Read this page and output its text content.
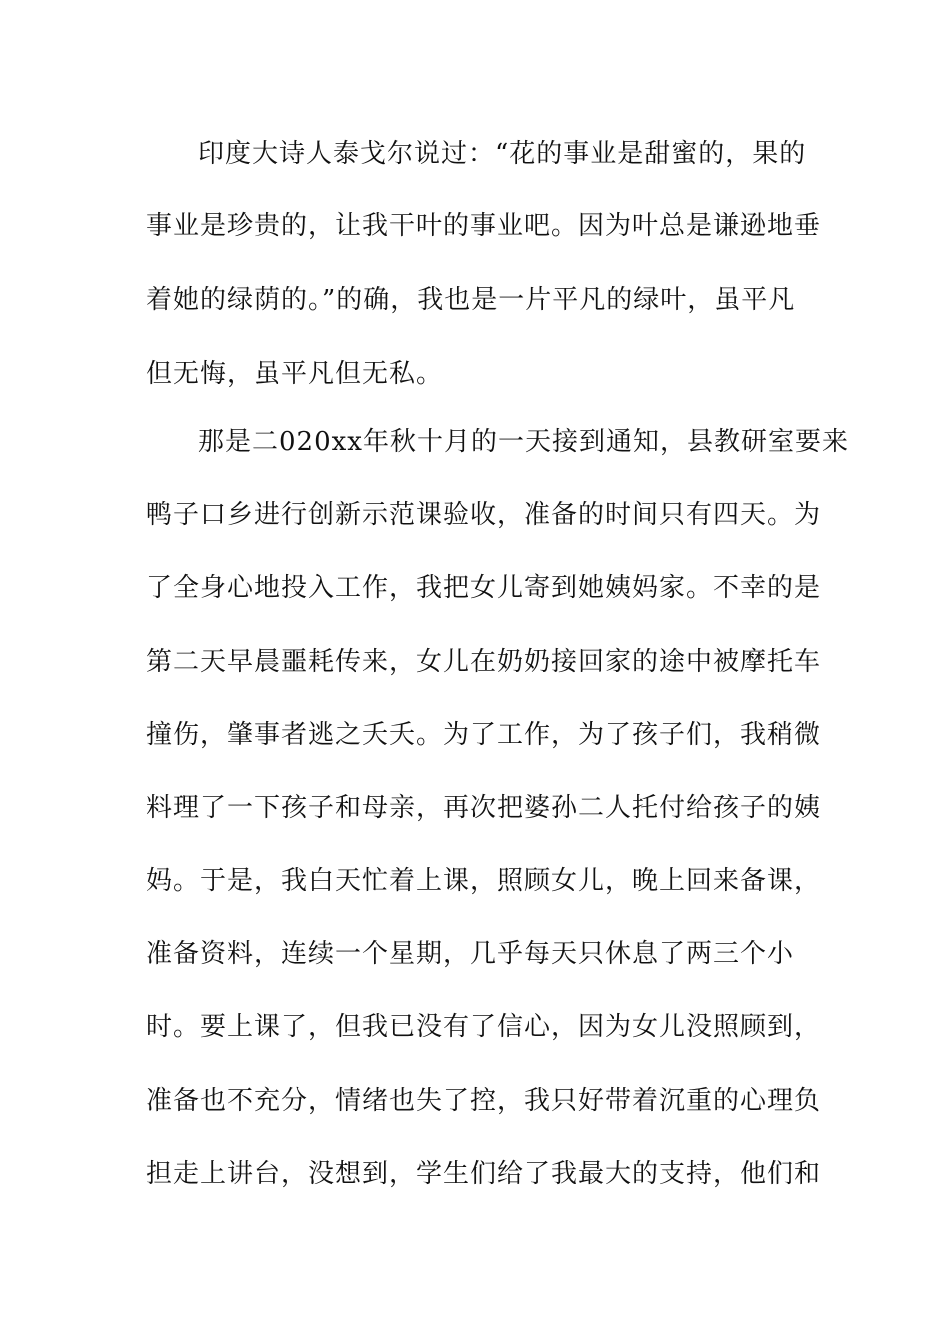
印度大诗人泰戈尔说过：“花的事业是甜蜜的，果的
事业是珍贵的，让我干叶的事业吧。因为叶总是谦逊地垂
着她的绿荫的。”的确，我也是一片平凡的绿叶，虽平凡
但无悔，虽平凡但无私。
那是二020xx年秋十月的一天接到通知，县教研室要来
鸭子口乡进行创新示范课验收，准备的时间只有四天。为
了全身心地投入工作，我把女儿寄到她姨妈家。不幸的是
第二天早晨噩耗传来，女儿在奶奶接回家的途中被摩托车
撞伤，肇事者逃之夭夭。为了工作，为了孩子们，我稍微
料理了一下孩子和母亲，再次把婆孙二人托付给孩子的姨
妈。于是，我白天忙着上课，照顾女儿，晚上回来备课，
准备资料，连续一个星期，几乎每天只休息了两三个小
时。要上课了，但我已没有了信心，因为女儿没照顾到，
准备也不充分，情绪也失了控，我只好带着沉重的心理负
担走上讲台，没想到，学生们给了我最大的支持，他们和
